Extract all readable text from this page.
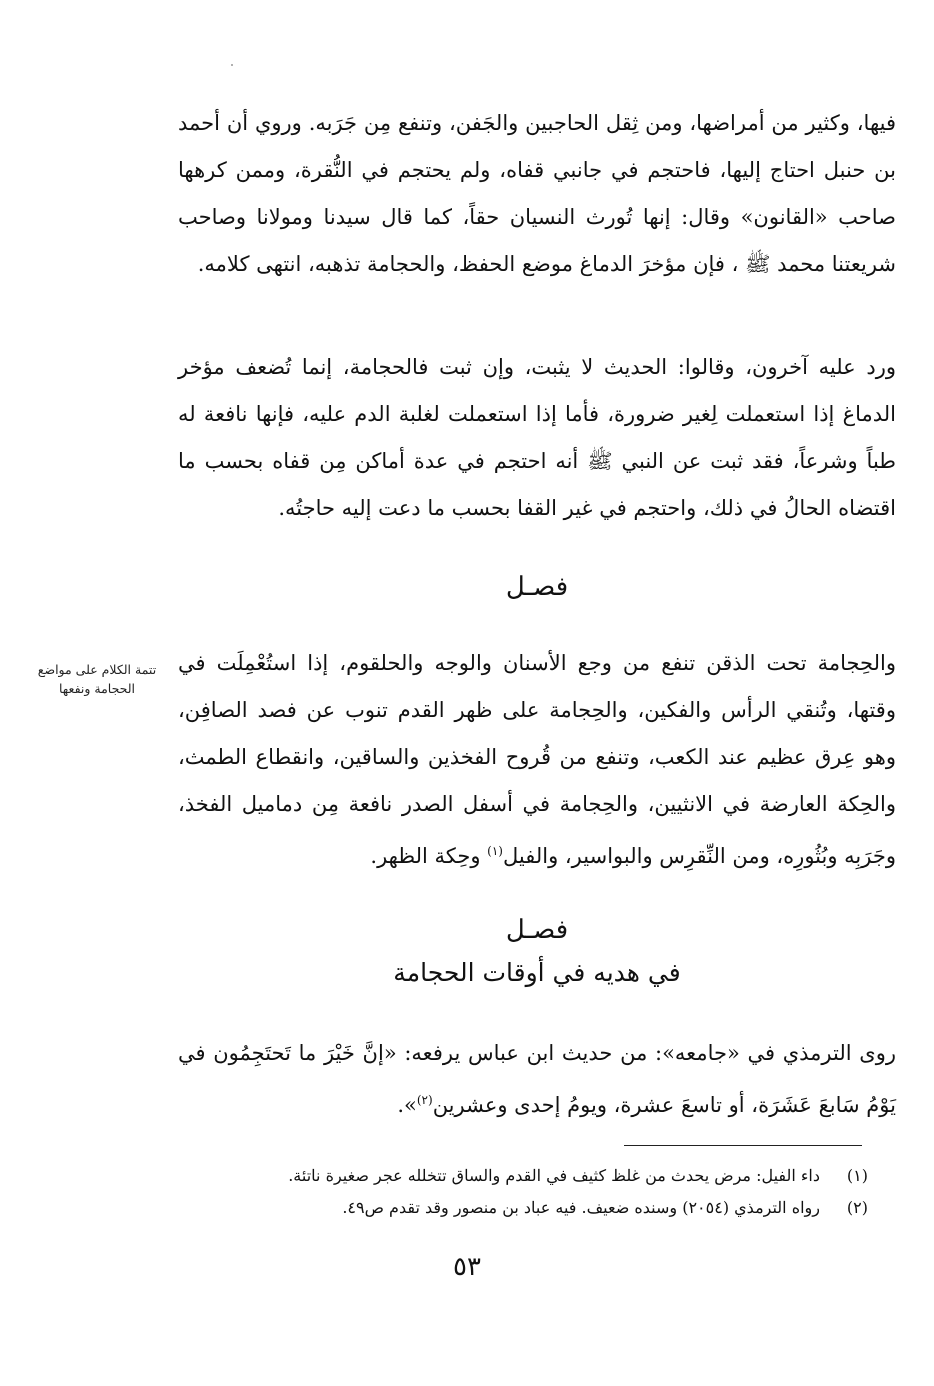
فيها، وكثير من أمراضها، ومن ثِقل الحاجبين والجَفن، وتنفع مِن جَرَبه. وروي أن أحمد بن حنبل احتاج إليها، فاحتجم في جانبي قفاه، ولم يحتجم في النُّقرة، وممن كرهها صاحب «القانون» وقال: إنها تُورث النسيان حقاً، كما قال سيدنا ومولانا وصاحب شريعتنا محمد ﷺ ، فإن مؤخرَ الدماغ موضع الحفظ، والحجامة تذهبه، انتهى كلامه.

ورد عليه آخرون، وقالوا: الحديث لا يثبت، وإن ثبت فالحجامة، إنما تُضعف مؤخر الدماغ إذا استعملت لِغير ضرورة، فأما إذا استعملت لغلبة الدم عليه، فإنها نافعة له طباً وشرعاً، فقد ثبت عن النبي ﷺ أنه احتجم في عدة أماكن مِن قفاه بحسب ما اقتضاه الحالُ في ذلك، واحتجم في غير القفا بحسب ما دعت إليه حاجتُه.

فصـل
تتمة الكلام على مواضع الحجامة ونفعها

والحِجامة تحت الذقن تنفع من وجع الأسنان والوجه والحلقوم، إذا استُعْمِلَت في وقتها، وتُنقي الرأس والفكين، والحِجامة على ظهر القدم تنوب عن فصد الصافِن، وهو عِرق عظيم عند الكعب، وتنفع من قُروح الفخذين والساقين، وانقطاع الطمث، والحِكة العارضة في الانثيين، والحِجامة في أسفل الصدر نافعة مِن دماميل الفخذ، وجَرَبِه وبُثُورِه، ومن النِّقرِس والبواسير، والفيل$^{(١)}$ وحِكة الظهر.

فصـل
في هديه في أوقات الحجامة

روى الترمذي في «جامعه»: من حديث ابن عباس يرفعه: «إنَّ خَيْرَ ما تَحتَجِمُون في يَوْمُ سَابعَ عَشَرَة، أو تاسعَ عشرة، ويومُ إحدى وعشرين$^{(٢)}$».

(١)داء الفيل: مرض يحدث من غلظ كثيف في القدم والساق تتخلله عجر صغيرة ناتئة.

(٢)رواه الترمذي (٢٠٥٤) وسنده ضعيف. فيه عباد بن منصور وقد تقدم ص٤٩.

٥٣
